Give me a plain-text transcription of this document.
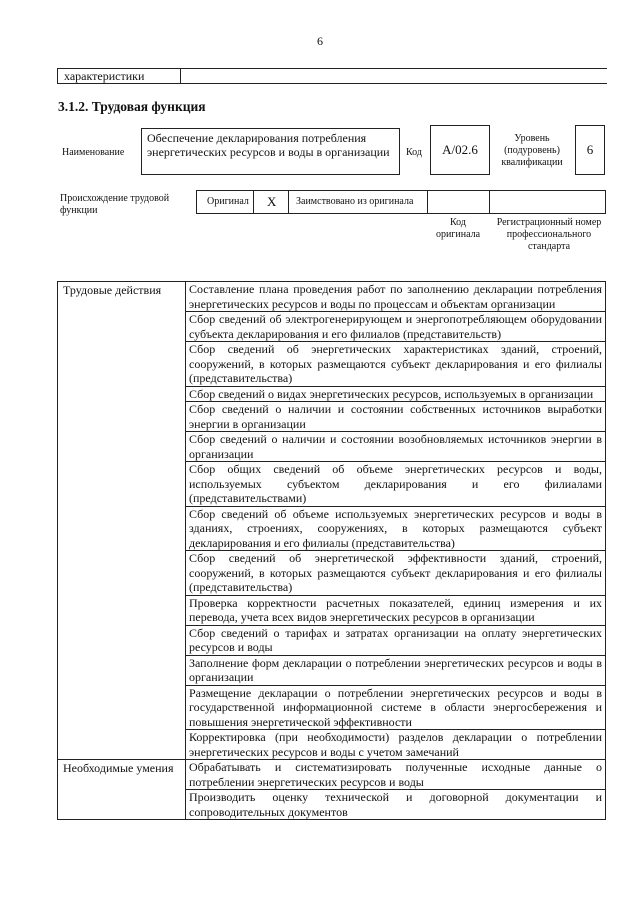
6
характеристики
3.1.2. Трудовая функция
Наименование
Обеспечение декларирования потребления энергетических ресурсов и воды в организации	Код	A/02.6
Уровень (подуровень) квалификации
6
Происхождение трудовой функции
Оригинал X Заимствовано из оригинала
Код оригинала
Регистрационный номер профессионального стандарта
Трудовые действия	Составление плана проведения работ по заполнению декларации потребления энергетических ресурсов и воды по процессам и объектам организации
	Сбор сведений об электрогенерирующем и энергопотребляющем оборудовании субъекта декларирования и его филиалов (представительств)
	Сбор сведений об энергетических характеристиках зданий, строений, сооружений, в которых размещаются субъект декларирования и его филиалы (представительства)
	Сбор сведений о видах энергетических ресурсов, используемых в организации
	Сбор сведений о наличии и состоянии собственных источников выработки энергии в организации
	Сбор сведений о наличии и состоянии возобновляемых источников энергии в организации
	Сбор общих сведений об объеме энергетических ресурсов и воды, используемых субъектом декларирования и его филиалами (представительствами)
	Сбор сведений об объеме используемых энергетических ресурсов и воды в зданиях, строениях, сооружениях, в которых размещаются субъект декларирования и его филиалы (представительства)
	Сбор сведений об энергетической эффективности зданий, строений, сооружений, в которых размещаются субъект декларирования и его филиалы (представительства)
	Проверка корректности расчетных показателей, единиц измерения и их перевода, учета всех видов энергетических ресурсов в организации
	Сбор сведений о тарифах и затратах организации на оплату энергетических ресурсов и воды
	Заполнение форм декларации о потреблении энергетических ресурсов и воды в организации
	Размещение декларации о потреблении энергетических ресурсов и воды в государственной информационной системе в области энергосбережения и повышения энергетической эффективности
	Корректировка (при необходимости) разделов декларации о потреблении энергетических ресурсов и воды с учетом замечаний
Необходимые умения	Обрабатывать и систематизировать полученные исходные данные о потреблении энергетических ресурсов и воды
	Производить оценку технической и договорной документации и сопроводительных документов
